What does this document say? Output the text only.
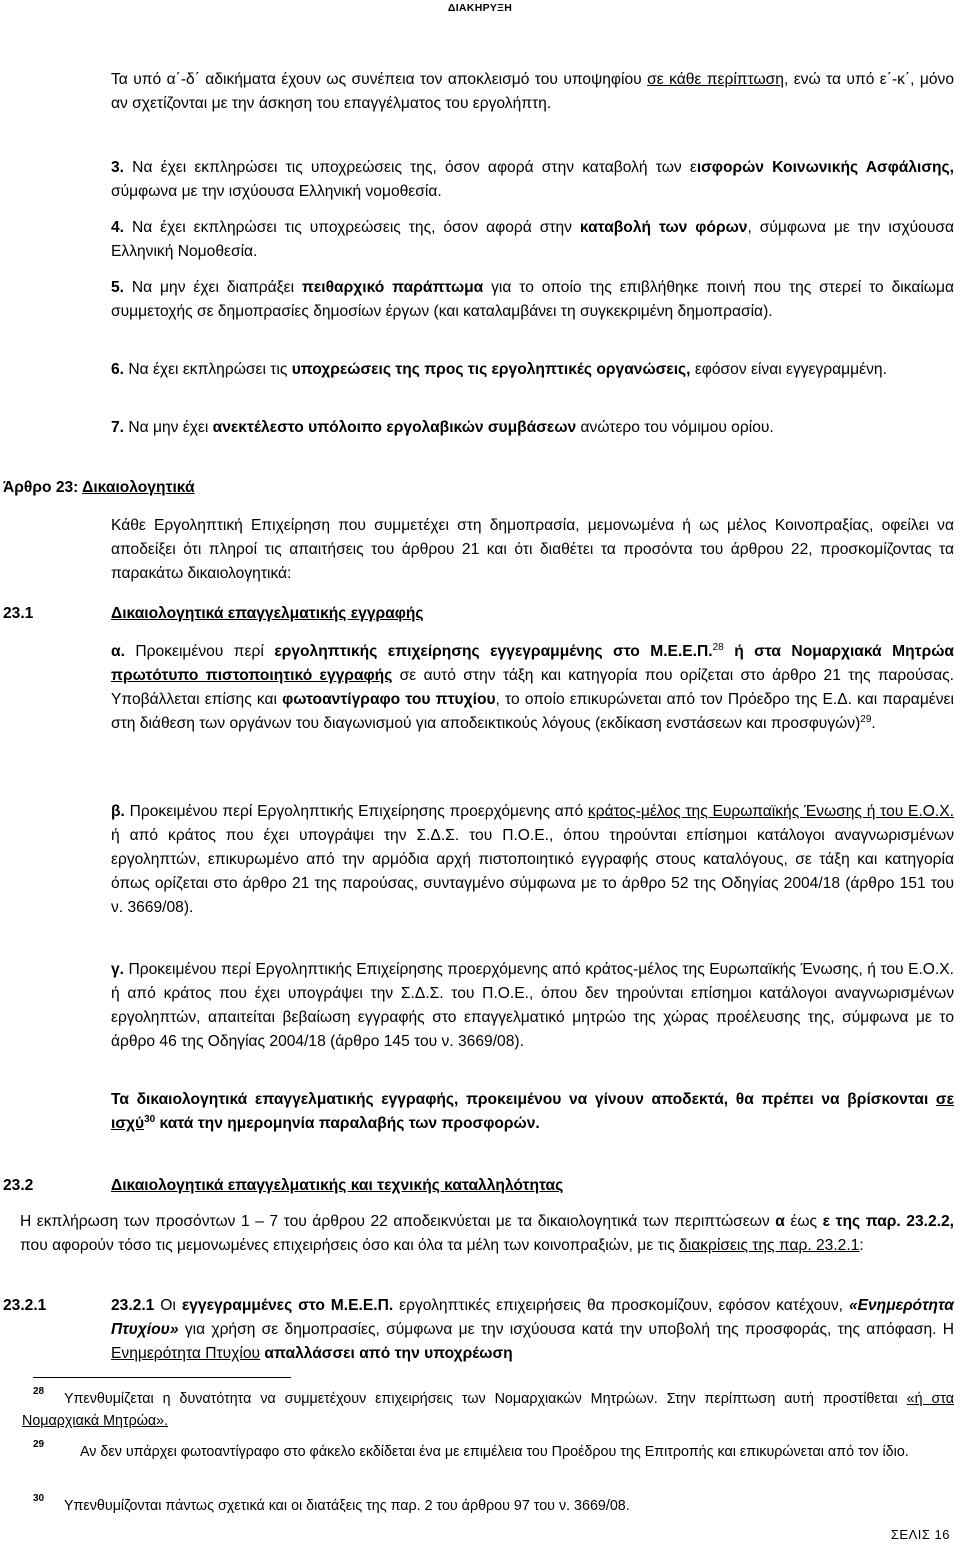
ΔΙΑΚΗΡΥΞΗ
Τα υπό α΄-δ΄ αδικήματα έχουν ως συνέπεια τον αποκλεισμό του υποψηφίου σε κάθε περίπτωση, ενώ τα υπό ε΄-κ΄, μόνο αν σχετίζονται με την άσκηση του επαγγέλματος του εργολήπτη.
3. Να έχει εκπληρώσει τις υποχρεώσεις της, όσον αφορά στην καταβολή των εισφορών Κοινωνικής Ασφάλισης, σύμφωνα με την ισχύουσα Ελληνική νομοθεσία.
4. Να έχει εκπληρώσει τις υποχρεώσεις της, όσον αφορά στην καταβολή των φόρων, σύμφωνα με την ισχύουσα Ελληνική Νομοθεσία.
5. Να μην έχει διαπράξει πειθαρχικό παράπτωμα για το οποίο της επιβλήθηκε ποινή που της στερεί το δικαίωμα συμμετοχής σε δημοπρασίες δημοσίων έργων (και καταλαμβάνει τη συγκεκριμένη δημοπρασία).
6. Να έχει εκπληρώσει τις υποχρεώσεις της προς τις εργοληπτικές οργανώσεις, εφόσον είναι εγγεγραμμένη.
7. Να μην έχει ανεκτέλεστο υπόλοιπο εργολαβικών συμβάσεων ανώτερο του νόμιμου ορίου.
Άρθρο 23: Δικαιολογητικά
Κάθε Εργοληπτική Επιχείρηση που συμμετέχει στη δημοπρασία, μεμονωμένα ή ως μέλος Κοινοπραξίας, οφείλει να αποδείξει ότι πληροί τις απαιτήσεις του άρθρου 21 και ότι διαθέτει τα προσόντα του άρθρου 22, προσκομίζοντας τα παρακάτω δικαιολογητικά:
23.1	Δικαιολογητικά επαγγελματικής εγγραφής
α. Προκειμένου περί εργοληπτικής επιχείρησης εγγεγραμμένης στο Μ.Ε.Ε.Π.$^{28}$ ή στα Νομαρχιακά Μητρώα πρωτότυπο πιστοποιητικό εγγραφής σε αυτό στην τάξη και κατηγορία που ορίζεται στο άρθρο 21 της παρούσας. Υποβάλλεται επίσης και φωτοαντίγραφο του πτυχίου, το οποίο επικυρώνεται από τον Πρόεδρο της Ε.Δ. και παραμένει στη διάθεση των οργάνων του διαγωνισμού για αποδεικτικούς λόγους (εκδίκαση ενστάσεων και προσφυγών)$^{29}$.
β. Προκειμένου περί Εργοληπτικής Επιχείρησης προερχόμενης από κράτος-μέλος της Ευρωπαϊκής Ένωσης ή του Ε.Ο.Χ. ή από κράτος που έχει υπογράψει την Σ.Δ.Σ. του Π.Ο.Ε., όπου τηρούνται επίσημοι κατάλογοι αναγνωρισμένων εργοληπτών, επικυρωμένο από την αρμόδια αρχή πιστοποιητικό εγγραφής στους καταλόγους, σε τάξη και κατηγορία όπως ορίζεται στο άρθρο 21 της παρούσας, συνταγμένο σύμφωνα με το άρθρο 52 της Οδηγίας 2004/18 (άρθρο 151 του ν. 3669/08).
γ. Προκειμένου περί Εργοληπτικής Επιχείρησης προερχόμενης από κράτος-μέλος της Ευρωπαϊκής Ένωσης, ή του Ε.Ο.Χ. ή από κράτος που έχει υπογράψει την Σ.Δ.Σ. του Π.Ο.Ε., όπου δεν τηρούνται επίσημοι κατάλογοι αναγνωρισμένων εργοληπτών, απαιτείται βεβαίωση εγγραφής στο επαγγελματικό μητρώο της χώρας προέλευσης της, σύμφωνα με το άρθρο 46 της Οδηγίας 2004/18 (άρθρο 145 του ν. 3669/08).
Τα δικαιολογητικά επαγγελματικής εγγραφής, προκειμένου να γίνουν αποδεκτά, θα πρέπει να βρίσκονται σε ισχύ$^{30}$ κατά την ημερομηνία παραλαβής των προσφορών.
23.2	Δικαιολογητικά επαγγελματικής και τεχνικής καταλληλότητας
Η εκπλήρωση των προσόντων 1 – 7 του άρθρου 22 αποδεικνύεται με τα δικαιολογητικά των περιπτώσεων α έως ε της παρ. 23.2.2, που αφορούν τόσο τις μεμονωμένες επιχειρήσεις όσο και όλα τα μέλη των κοινοπραξιών, με τις διακρίσεις της παρ. 23.2.1:
23.2.1	23.2.1 Οι εγγεγραμμένες στο Μ.Ε.Ε.Π. εργοληπτικές επιχειρήσεις θα προσκομίζουν, εφόσον κατέχουν, «Ενημερότητα Πτυχίου» για χρήση σε δημοπρασίες, σύμφωνα με την ισχύουσα κατά την υποβολή της προσφοράς, της απόφαση. Η Ενημερότητα Πτυχίου απαλλάσσει από την υποχρέωση
28	Υπενθυμίζεται η δυνατότητα να συμμετέχουν επιχειρήσεις των Νομαρχιακών Μητρώων. Στην περίπτωση αυτή προστίθεται «ή στα Νομαρχιακά Μητρώα».
29	Αν δεν υπάρχει φωτοαντίγραφο στο φάκελο εκδίδεται ένα με επιμέλεια του Προέδρου της Επιτροπής και επικυρώνεται από τον ίδιο.
30	Υπενθυμίζονται πάντως σχετικά και οι διατάξεις της παρ. 2 του άρθρου 97 του ν. 3669/08.
ΣΕΛΙΣ 16
